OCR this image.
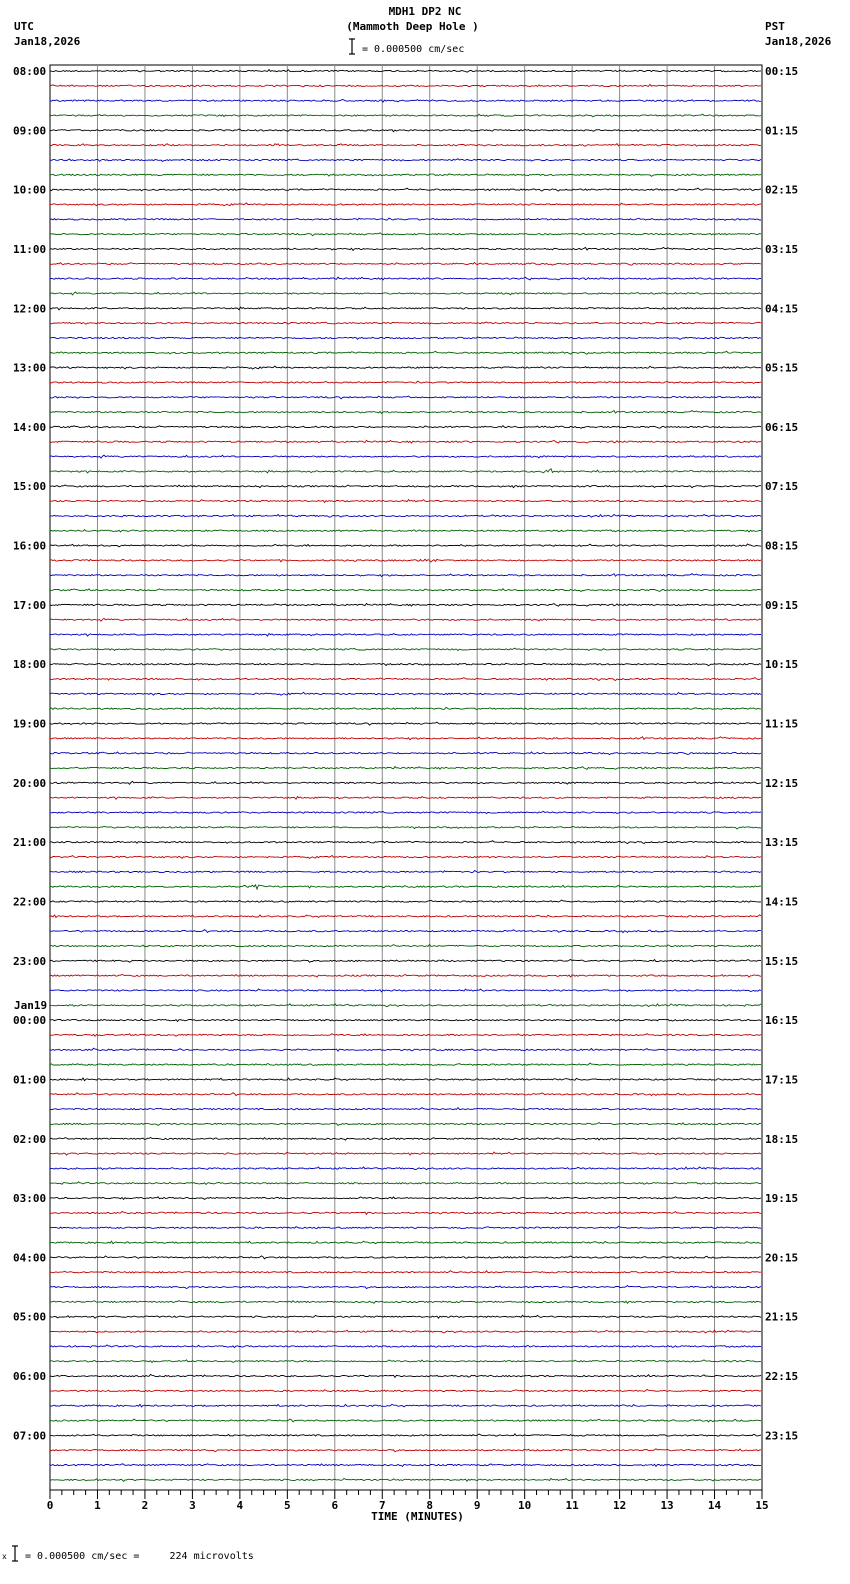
MDH1 DP2 NC
(Mammoth Deep Hole )
UTC
Jan18,2026
PST
Jan18,2026
= 0.000500 cm/sec
0	1	2	3	4	5	6	7	8	9	10	11	12	13	14	15
08:00
09:00
10:00
11:00
12:00
13:00
14:00
15:00
16:00
17:00
18:00
19:00
20:00
21:00
22:00
23:00
Jan19
00:00
01:00
02:00
03:00
04:00
05:00
06:00
07:00
00:15
01:15
02:15
03:15
04:15
05:15
06:15
07:15
08:15
09:15
10:15
11:15
12:15
13:15
14:15
15:15
16:15
17:15
18:15
19:15
20:15
21:15
22:15
23:15
TIME (MINUTES)
x = 0.000500 cm/sec =     224 microvolts
